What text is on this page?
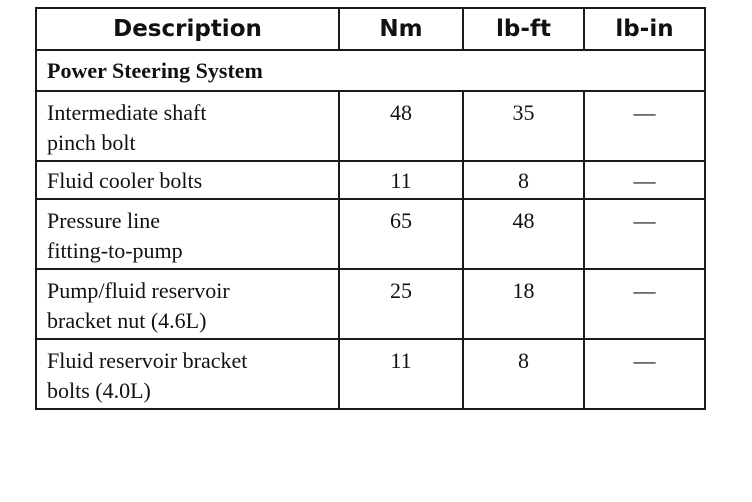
Description	Nm	lb-ft	lb-in
Power Steering System			
Intermediate shaft
pinch bolt	48	35	—
Fluid cooler bolts	11	8	—
Pressure line
fitting-to-pump	65	48	—
Pump/fluid reservoir
bracket nut (4.6L)	25	18	—
Fluid reservoir bracket
bolts (4.0L)	11	8	—
